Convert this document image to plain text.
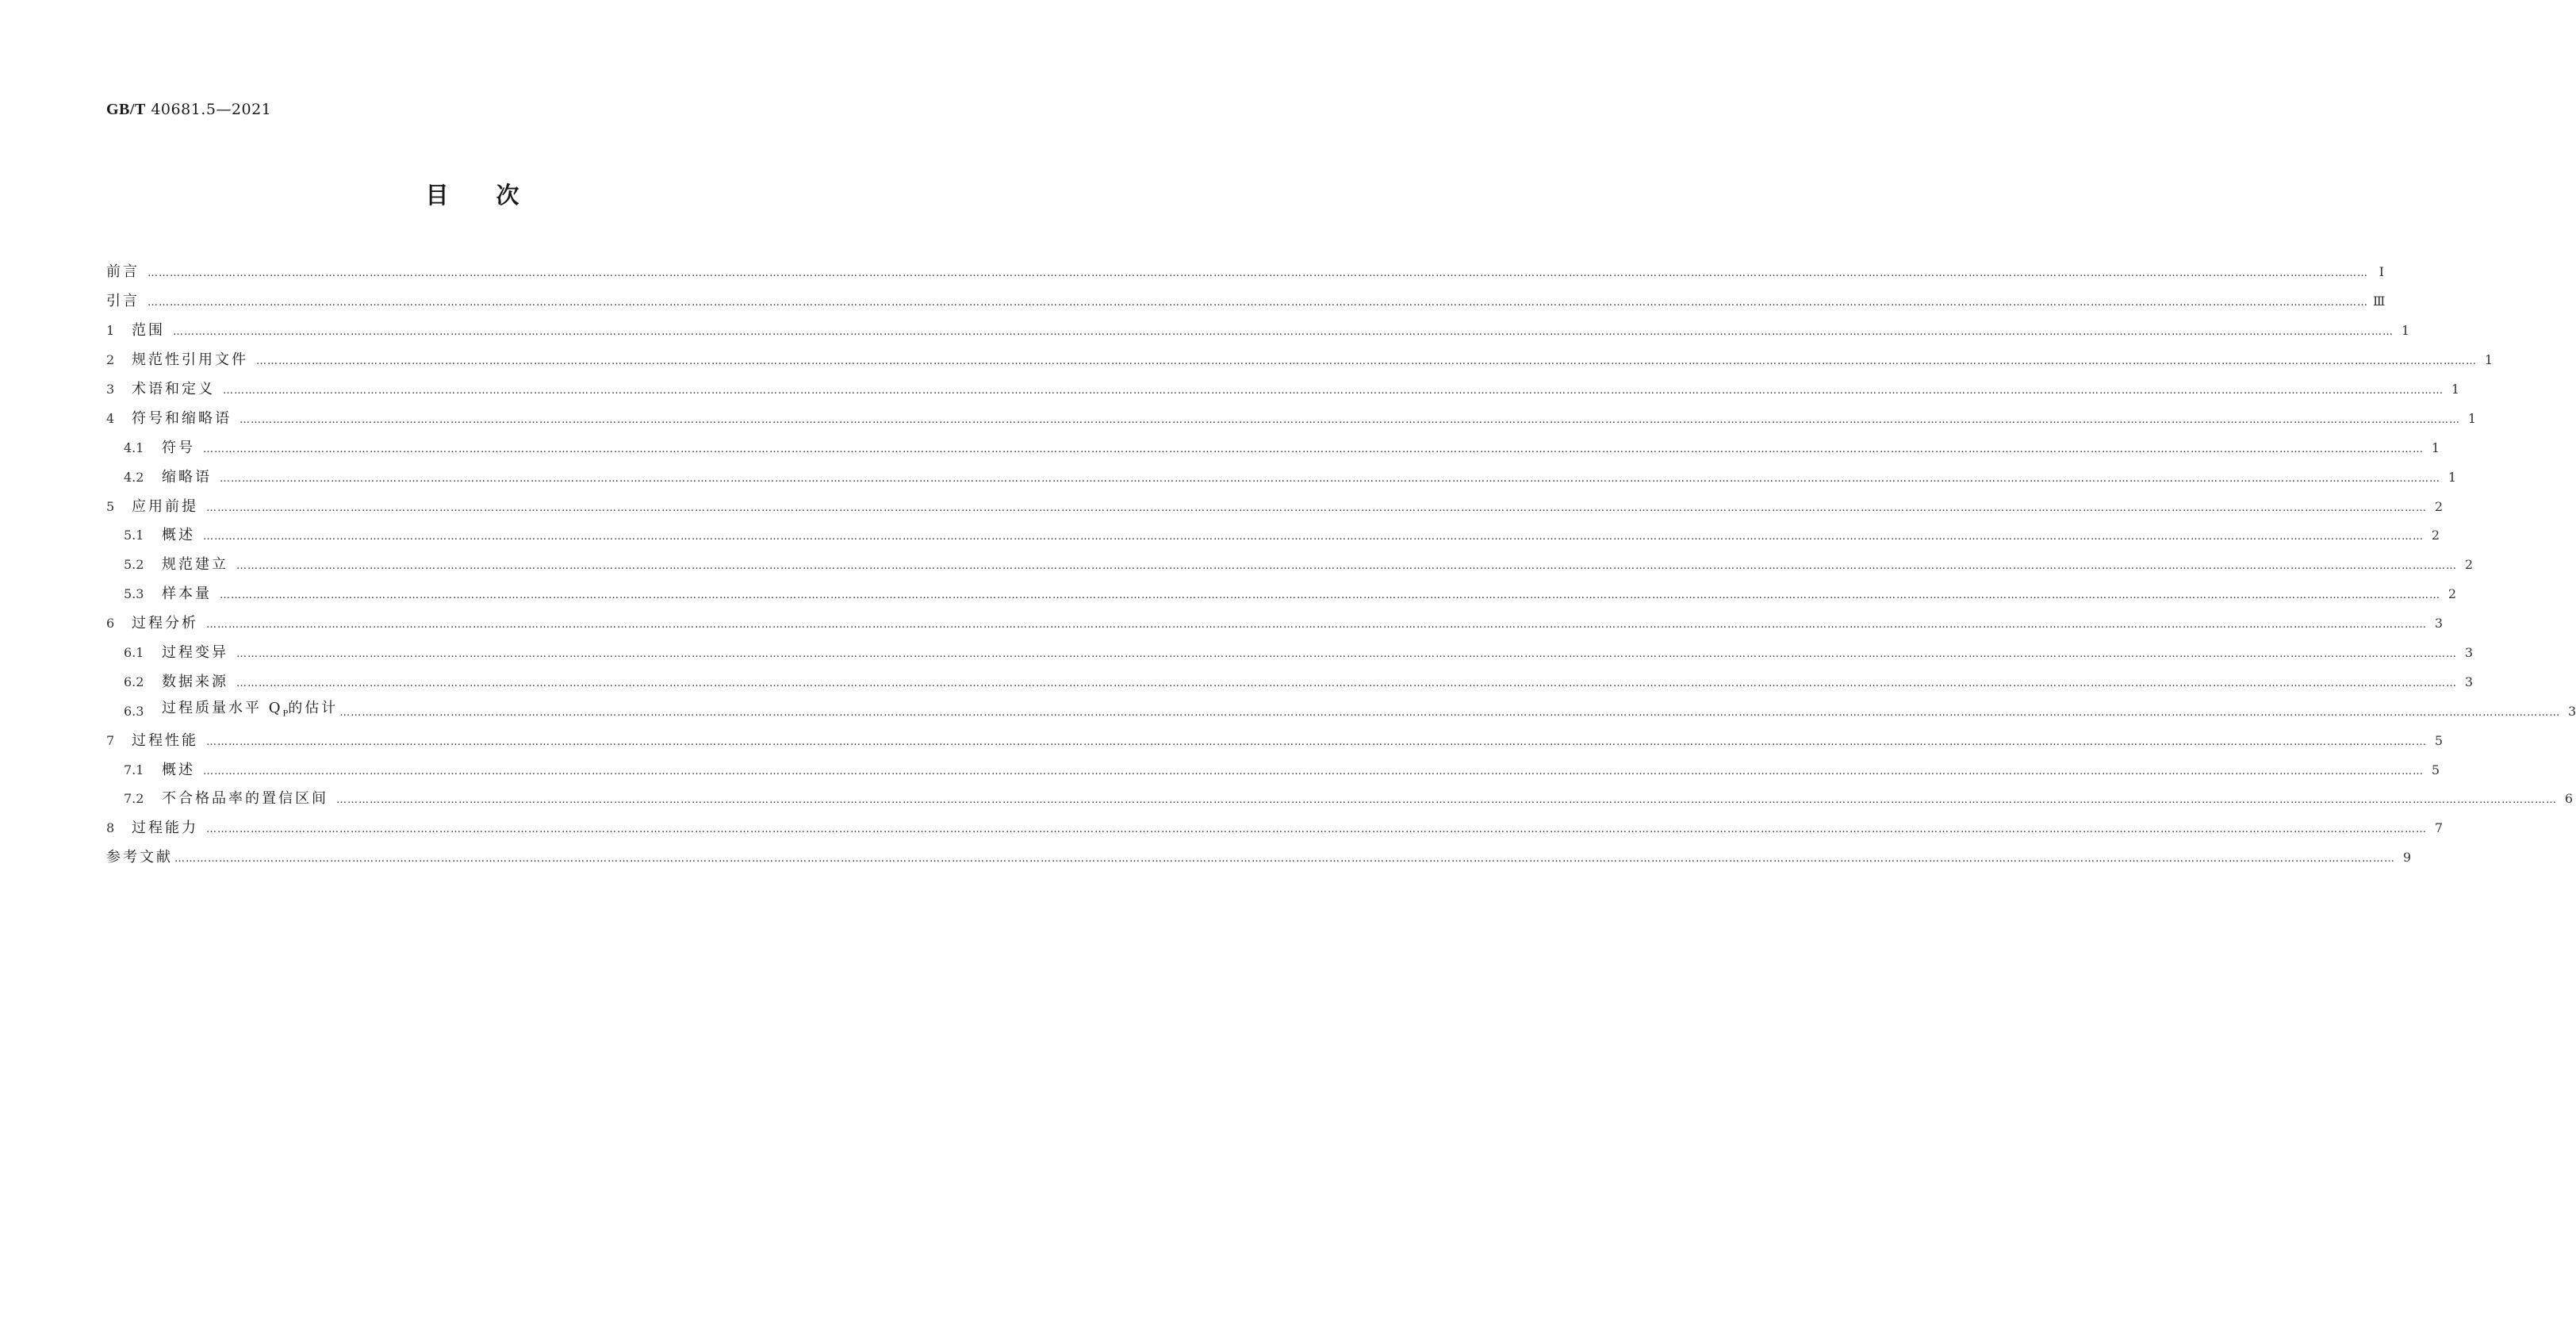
GB/T 40681.5—2021
目次
前言 …………………………………………………………………………………………………………………………………………………………………………………………………………………………………………………………………………………………………………………………………………………………………………………………………………………………………………………………………………………………………………………………………………………… Ⅰ
引言 …………………………………………………………………………………………………………………………………………………………………………………………………………………………………………………………………………………………………………………………………………………………………………………………………………………………………………………………………………………………………………………………………………………… Ⅲ
1	范围 …………………………………………………………………………………………………………………………………………………………………………………………………………………………………………………………………………………………………………………………………………………………………………………………………………………………………………………………………………………………………………………………………………………… 1
2	规范性引用文件 …………………………………………………………………………………………………………………………………………………………………………………………………………………………………………………………………………………………………………………………………………………………………………………………………………………………………………………………………………………………………………………………………………………… 1
3	术语和定义 …………………………………………………………………………………………………………………………………………………………………………………………………………………………………………………………………………………………………………………………………………………………………………………………………………………………………………………………………………………………………………………………………………………… 1
4	符号和缩略语 …………………………………………………………………………………………………………………………………………………………………………………………………………………………………………………………………………………………………………………………………………………………………………………………………………………………………………………………………………………………………………………………………………………… 1
4.1	符号 …………………………………………………………………………………………………………………………………………………………………………………………………………………………………………………………………………………………………………………………………………………………………………………………………………………………………………………………………………………………………………………………………………………… 1
4.2	缩略语 …………………………………………………………………………………………………………………………………………………………………………………………………………………………………………………………………………………………………………………………………………………………………………………………………………………………………………………………………………………………………………………………………………………… 1
5	应用前提 …………………………………………………………………………………………………………………………………………………………………………………………………………………………………………………………………………………………………………………………………………………………………………………………………………………………………………………………………………………………………………………………………………………… 2
5.1	概述 …………………………………………………………………………………………………………………………………………………………………………………………………………………………………………………………………………………………………………………………………………………………………………………………………………………………………………………………………………………………………………………………………………………… 2
5.2	规范建立 …………………………………………………………………………………………………………………………………………………………………………………………………………………………………………………………………………………………………………………………………………………………………………………………………………………………………………………………………………………………………………………………………………………… 2
5.3	样本量 …………………………………………………………………………………………………………………………………………………………………………………………………………………………………………………………………………………………………………………………………………………………………………………………………………………………………………………………………………………………………………………………………………………… 2
6	过程分析 …………………………………………………………………………………………………………………………………………………………………………………………………………………………………………………………………………………………………………………………………………………………………………………………………………………………………………………………………………………………………………………………………………………… 3
6.1	过程变异 …………………………………………………………………………………………………………………………………………………………………………………………………………………………………………………………………………………………………………………………………………………………………………………………………………………………………………………………………………………………………………………………………………………… 3
6.2	数据来源 …………………………………………………………………………………………………………………………………………………………………………………………………………………………………………………………………………………………………………………………………………………………………………………………………………………………………………………………………………………………………………………………………………………… 3
6.3	过程质量水平 $Q_P$的估计 …………………………………………………………………………………………………………………………………………………………………………………………………………………………………………………………………………………………………………………………………………………………………………………………………………………………………………………………………………………………………………………………………………………… 3
7	过程性能 …………………………………………………………………………………………………………………………………………………………………………………………………………………………………………………………………………………………………………………………………………………………………………………………………………………………………………………………………………………………………………………………………………………… 5
7.1	概述 …………………………………………………………………………………………………………………………………………………………………………………………………………………………………………………………………………………………………………………………………………………………………………………………………………………………………………………………………………………………………………………………………………………… 5
7.2	不合格品率的置信区间 …………………………………………………………………………………………………………………………………………………………………………………………………………………………………………………………………………………………………………………………………………………………………………………………………………………………………………………………………………………………………………………………………………………… 6
8	过程能力 …………………………………………………………………………………………………………………………………………………………………………………………………………………………………………………………………………………………………………………………………………………………………………………………………………………………………………………………………………………………………………………………………………………… 7
参考文献 …………………………………………………………………………………………………………………………………………………………………………………………………………………………………………………………………………………………………………………………………………………………………………………………………………………………………………………………………………………………………………………………………………………… 9
